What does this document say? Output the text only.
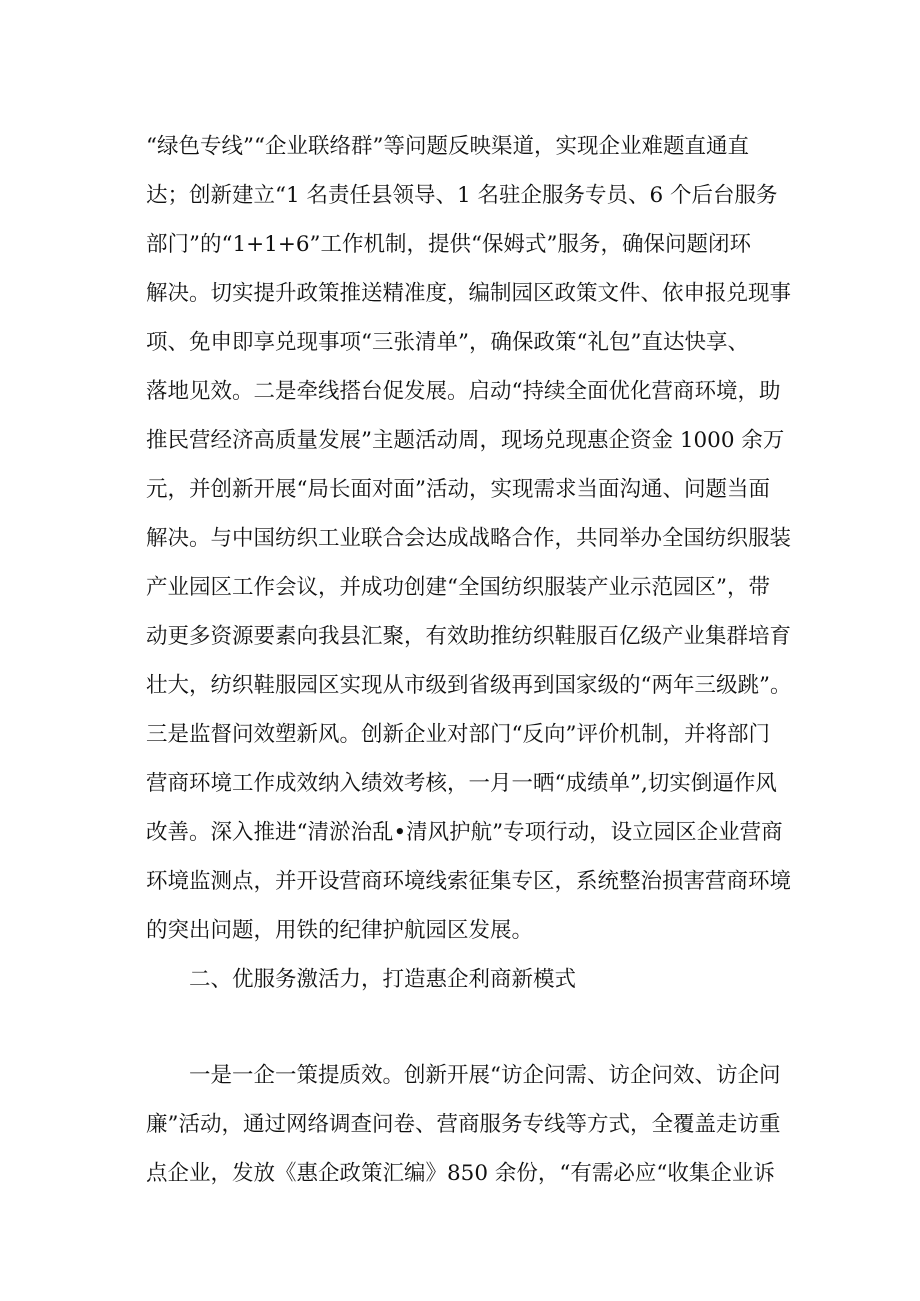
“绿色专线”“企业联络群”等问题反映渠道，实现企业难题直通直

达；创新建立“1 名责任县领导、1 名驻企服务专员、6 个后台服务

部门”的“1+1+6”工作机制，提供“保姆式”服务，确保问题闭环

解决。切实提升政策推送精准度，编制园区政策文件、依申报兑现事

项、免申即享兑现事项“三张清单”，确保政策“礼包”直达快享、

落地见效。二是牵线搭台促发展。启动“持续全面优化营商环境，助

推民营经济高质量发展”主题活动周，现场兑现惠企资金 1000 余万

元，并创新开展“局长面对面”活动，实现需求当面沟通、问题当面

解决。与中国纺织工业联合会达成战略合作，共同举办全国纺织服装

产业园区工作会议，并成功创建“全国纺织服装产业示范园区”，带

动更多资源要素向我县汇聚，有效助推纺织鞋服百亿级产业集群培育

壮大，纺织鞋服园区实现从市级到省级再到国家级的“两年三级跳”。

三是监督问效塑新风。创新企业对部门“反向”评价机制，并将部门

营商环境工作成效纳入绩效考核，一月一晒“成绩单”,切实倒逼作风

改善。深入推进“清淤治乱•清风护航”专项行动，设立园区企业营商

环境监测点，并开设营商环境线索征集专区，系统整治损害营商环境

的突出问题，用铁的纪律护航园区发展。

二、优服务激活力，打造惠企利商新模式

一是一企一策提质效。创新开展“访企问需、访企问效、访企问

廉”活动，通过网络调查问卷、营商服务专线等方式，全覆盖走访重

点企业，发放《惠企政策汇编》850 余份，“有需必应“收集企业诉
